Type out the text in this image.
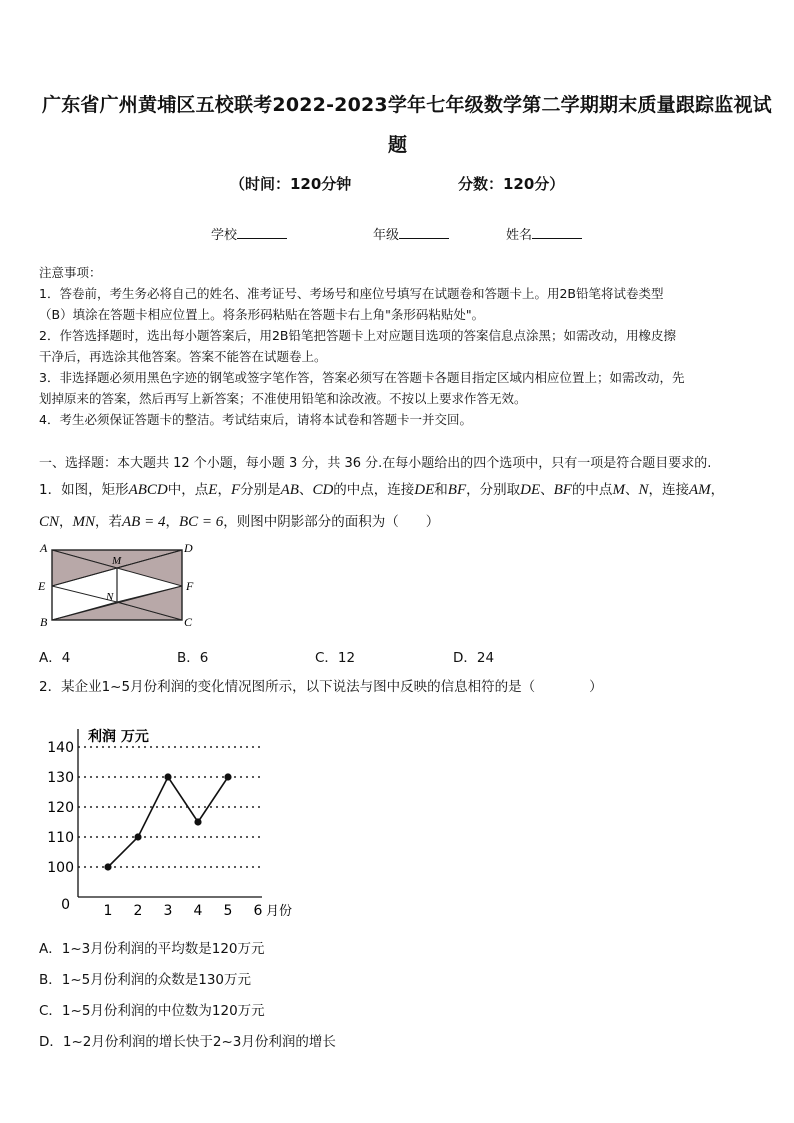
广东省广州黄埔区五校联考2022-2023学年七年级数学第二学期期末质量跟踪监视试
题
（时间：120分钟	分数：120分）
学校	年级	姓名
注意事项：
1．答卷前，考生务必将自己的姓名、准考证号、考场号和座位号填写在试题卷和答题卡上。用2B铅笔将试卷类型
（B）填涂在答题卡相应位置上。将条形码粘贴在答题卡右上角"条形码粘贴处"。
2．作答选择题时，选出每小题答案后，用2B铅笔把答题卡上对应题目选项的答案信息点涂黑；如需改动，用橡皮擦
干净后，再选涂其他答案。答案不能答在试题卷上。
3．非选择题必须用黑色字迹的钢笔或签字笔作答，答案必须写在答题卡各题目指定区域内相应位置上；如需改动，先
划掉原来的答案，然后再写上新答案；不准使用铅笔和涂改液。不按以上要求作答无效。
4．考生必须保证答题卡的整洁。考试结束后，请将本试卷和答题卡一并交回。
一、选择题：本大题共 12 个小题，每小题 3 分，共 36 分.在每小题给出的四个选项中，只有一项是符合题目要求的.
1．如图，矩形ABCD中，点E，F分别是AB、CD的中点，连接DE和BF，分别取DE、BF的中点M、N，连接AM，
CN，MN，若AB = 4，BC = 6，则图中阴影部分的面积为（　　）
A	D
E	F
B	C
M
N
A．4	B．6	C．12	D．24
2．某企业1~5月份利润的变化情况图所示，以下说法与图中反映的信息相符的是（　　　　）
100
110
120
130
140
1 2 3 4 5 6
利润 万元
月份
0
A．1~3月份利润的平均数是120万元
B．1~5月份利润的众数是130万元
C．1~5月份利润的中位数为120万元
D．1~2月份利润的增长快于2~3月份利润的增长
